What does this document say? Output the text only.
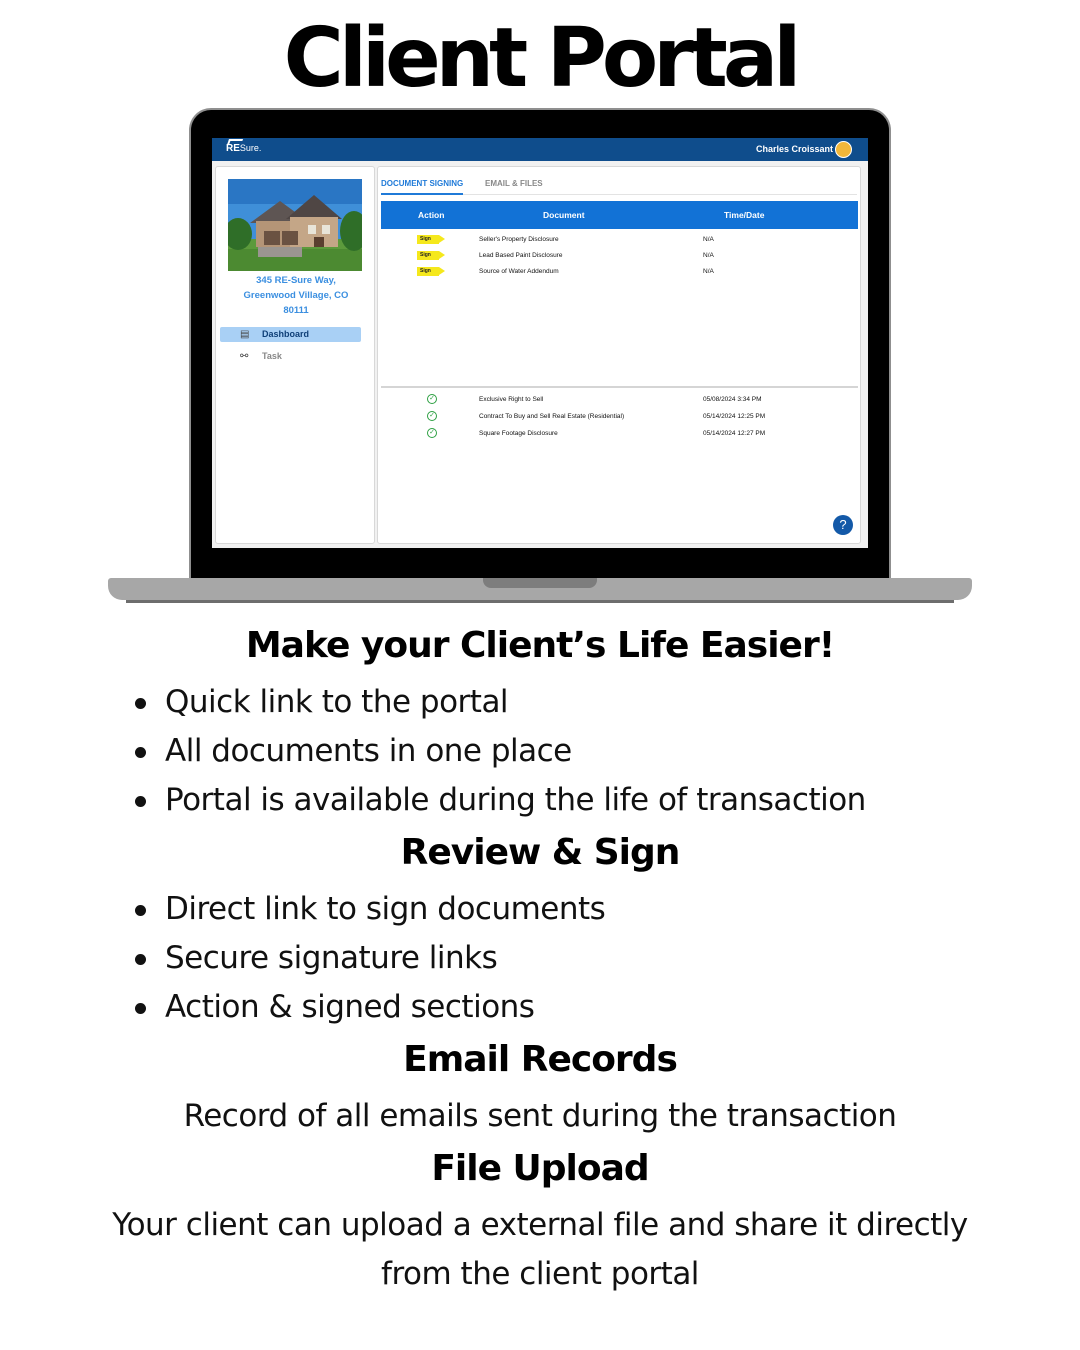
Client Portal
RESure.	Charles Croissant
345 RE-Sure Way,
Greenwood Village, CO
80111
▤ Dashboard
⚯ Task
DOCUMENT SIGNING	EMAIL & FILES
Action	Document	Time/Date
Sign	Seller's Property Disclosure	N/A
Sign	Lead Based Paint Disclosure	N/A
Sign	Source of Water Addendum	N/A
✓	Exclusive Right to Sell	05/08/2024 3:34 PM
✓	Contract To Buy and Sell Real Estate (Residential)	05/14/2024 12:25 PM
✓	Square Footage Disclosure	05/14/2024 12:27 PM
?
Make your Client’s Life Easier!
Quick link to the portal
All documents in one place
Portal is available during the life of transaction
Review & Sign
Direct link to sign documents
Secure signature links
Action & signed sections
Email Records
Record of all emails sent during the transaction
File Upload
Your client can upload a external file and share it directly
from the client portal
